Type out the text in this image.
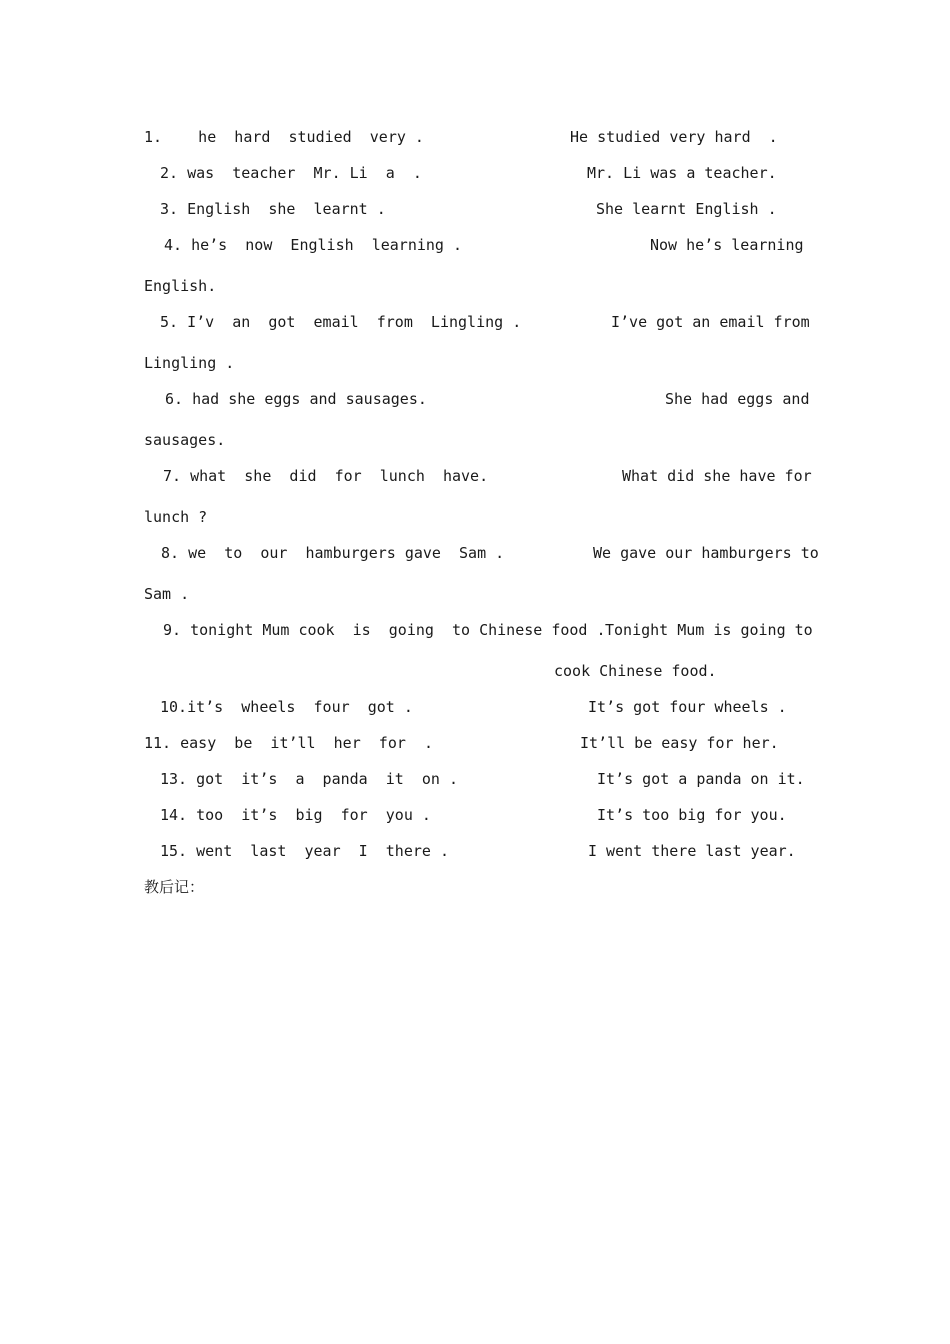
1.    he  hard  studied  very .	He studied very hard  .
2. was  teacher  Mr. Li  a  .	Mr. Li was a teacher.
3. English  she  learnt .	She learnt English .
4. he’s  now  English  learning .	Now he’s learning
English.
5. I’v  an  got  email  from  Lingling .	I’ve got an email from
Lingling .
6. had she eggs and sausages.	She had eggs and
sausages.
7. what  she  did  for  lunch  have.	What did she have for
lunch ?
8. we  to  our  hamburgers gave  Sam .	We gave our hamburgers to
Sam .
9. tonight Mum cook  is  going  to Chinese food . Tonight Mum is going to
cook Chinese food.
10.it’s  wheels  four  got .	It’s got four wheels .
11. easy  be  it’ll  her  for  .	It’ll be easy for her.
13. got  it’s  a  panda  it  on .	It’s got a panda on it.
14. too  it’s  big  for  you .	It’s too big for you.
15. went  last  year  I  there .	I went there last year.
教后记：
